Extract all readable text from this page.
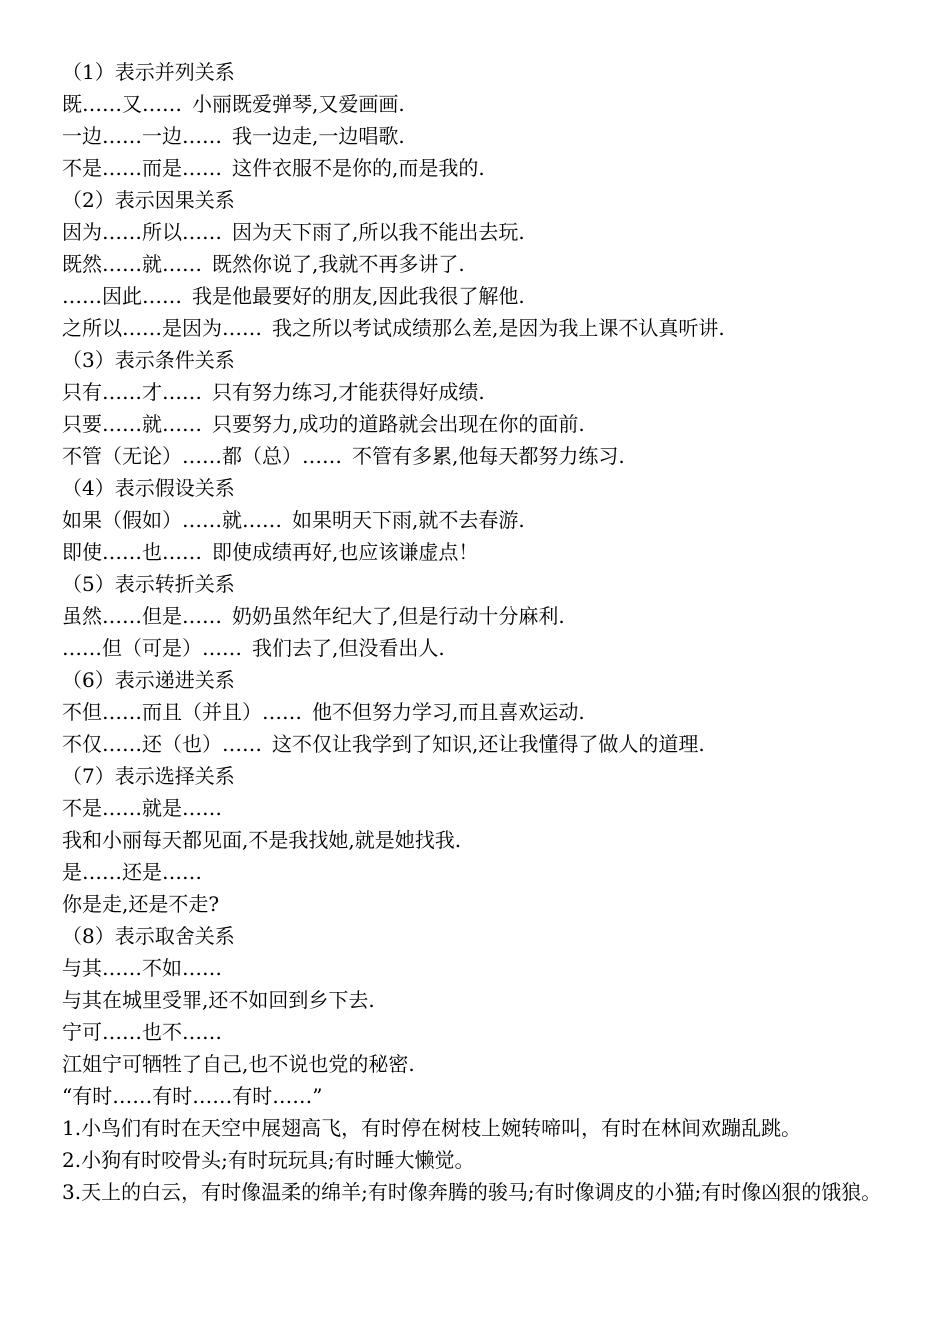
（1）表示并列关系
既……又…… 小丽既爱弹琴,又爱画画.
一边……一边…… 我一边走,一边唱歌.
不是……而是…… 这件衣服不是你的,而是我的.
（2）表示因果关系
因为……所以…… 因为天下雨了,所以我不能出去玩.
既然……就…… 既然你说了,我就不再多讲了.
……因此…… 我是他最要好的朋友,因此我很了解他.
之所以……是因为…… 我之所以考试成绩那么差,是因为我上课不认真听讲.
（3）表示条件关系
只有……才…… 只有努力练习,才能获得好成绩.
只要……就…… 只要努力,成功的道路就会出现在你的面前.
不管（无论）……都（总）…… 不管有多累,他每天都努力练习.
（4）表示假设关系
如果（假如）……就…… 如果明天下雨,就不去春游.
即使……也…… 即使成绩再好,也应该谦虚点！
（5）表示转折关系
虽然……但是…… 奶奶虽然年纪大了,但是行动十分麻利.
……但（可是）…… 我们去了,但没看出人.
（6）表示递进关系
不但……而且（并且）…… 他不但努力学习,而且喜欢运动.
不仅……还（也）…… 这不仅让我学到了知识,还让我懂得了做人的道理.
（7）表示选择关系
不是……就是……
我和小丽每天都见面,不是我找她,就是她找我.
是……还是……
你是走,还是不走?
（8）表示取舍关系
与其……不如……
与其在城里受罪,还不如回到乡下去.
宁可……也不……
江姐宁可牺牲了自己,也不说也党的秘密.
“有时……有时……有时……”
1.小鸟们有时在天空中展翅高飞，有时停在树枝上婉转啼叫，有时在林间欢蹦乱跳。
2.小狗有时咬骨头;有时玩玩具;有时睡大懒觉。
3.天上的白云，有时像温柔的绵羊;有时像奔腾的骏马;有时像调皮的小猫;有时像凶狠的饿狼。
